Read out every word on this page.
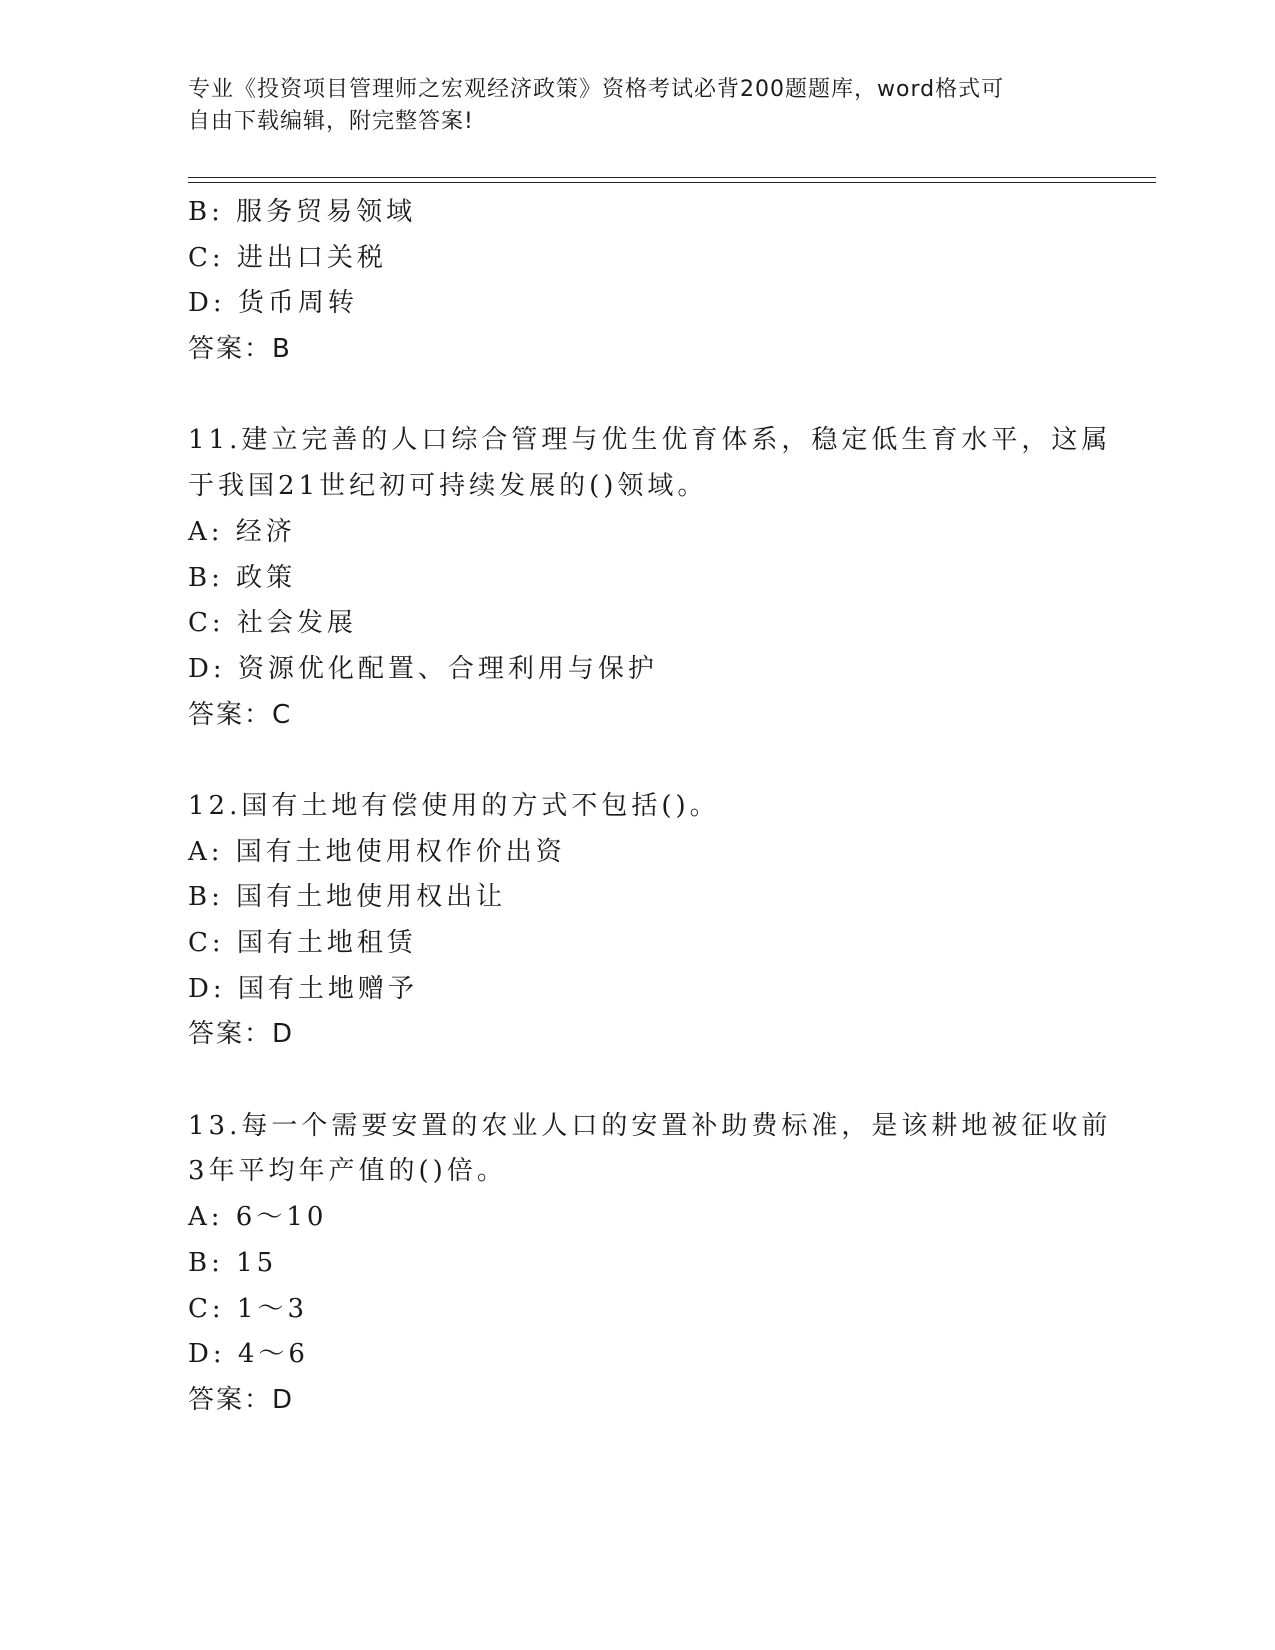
专业《投资项目管理师之宏观经济政策》资格考试必背200题题库，word格式可
自由下载编辑，附完整答案!
B: 服务贸易领域
C: 进出口关税
D: 货币周转
答案：B
11.建立完善的人口综合管理与优生优育体系，稳定低生育水平，这属
于我国21世纪初可持续发展的()领域。
A: 经济
B: 政策
C: 社会发展
D: 资源优化配置、合理利用与保护
答案：C
12.国有土地有偿使用的方式不包括()。
A: 国有土地使用权作价出资
B: 国有土地使用权出让
C: 国有土地租赁
D: 国有土地赠予
答案：D
13.每一个需要安置的农业人口的安置补助费标准，是该耕地被征收前
3年平均年产值的()倍。
A: 6～10
B: 15
C: 1～3
D: 4～6
答案：D
